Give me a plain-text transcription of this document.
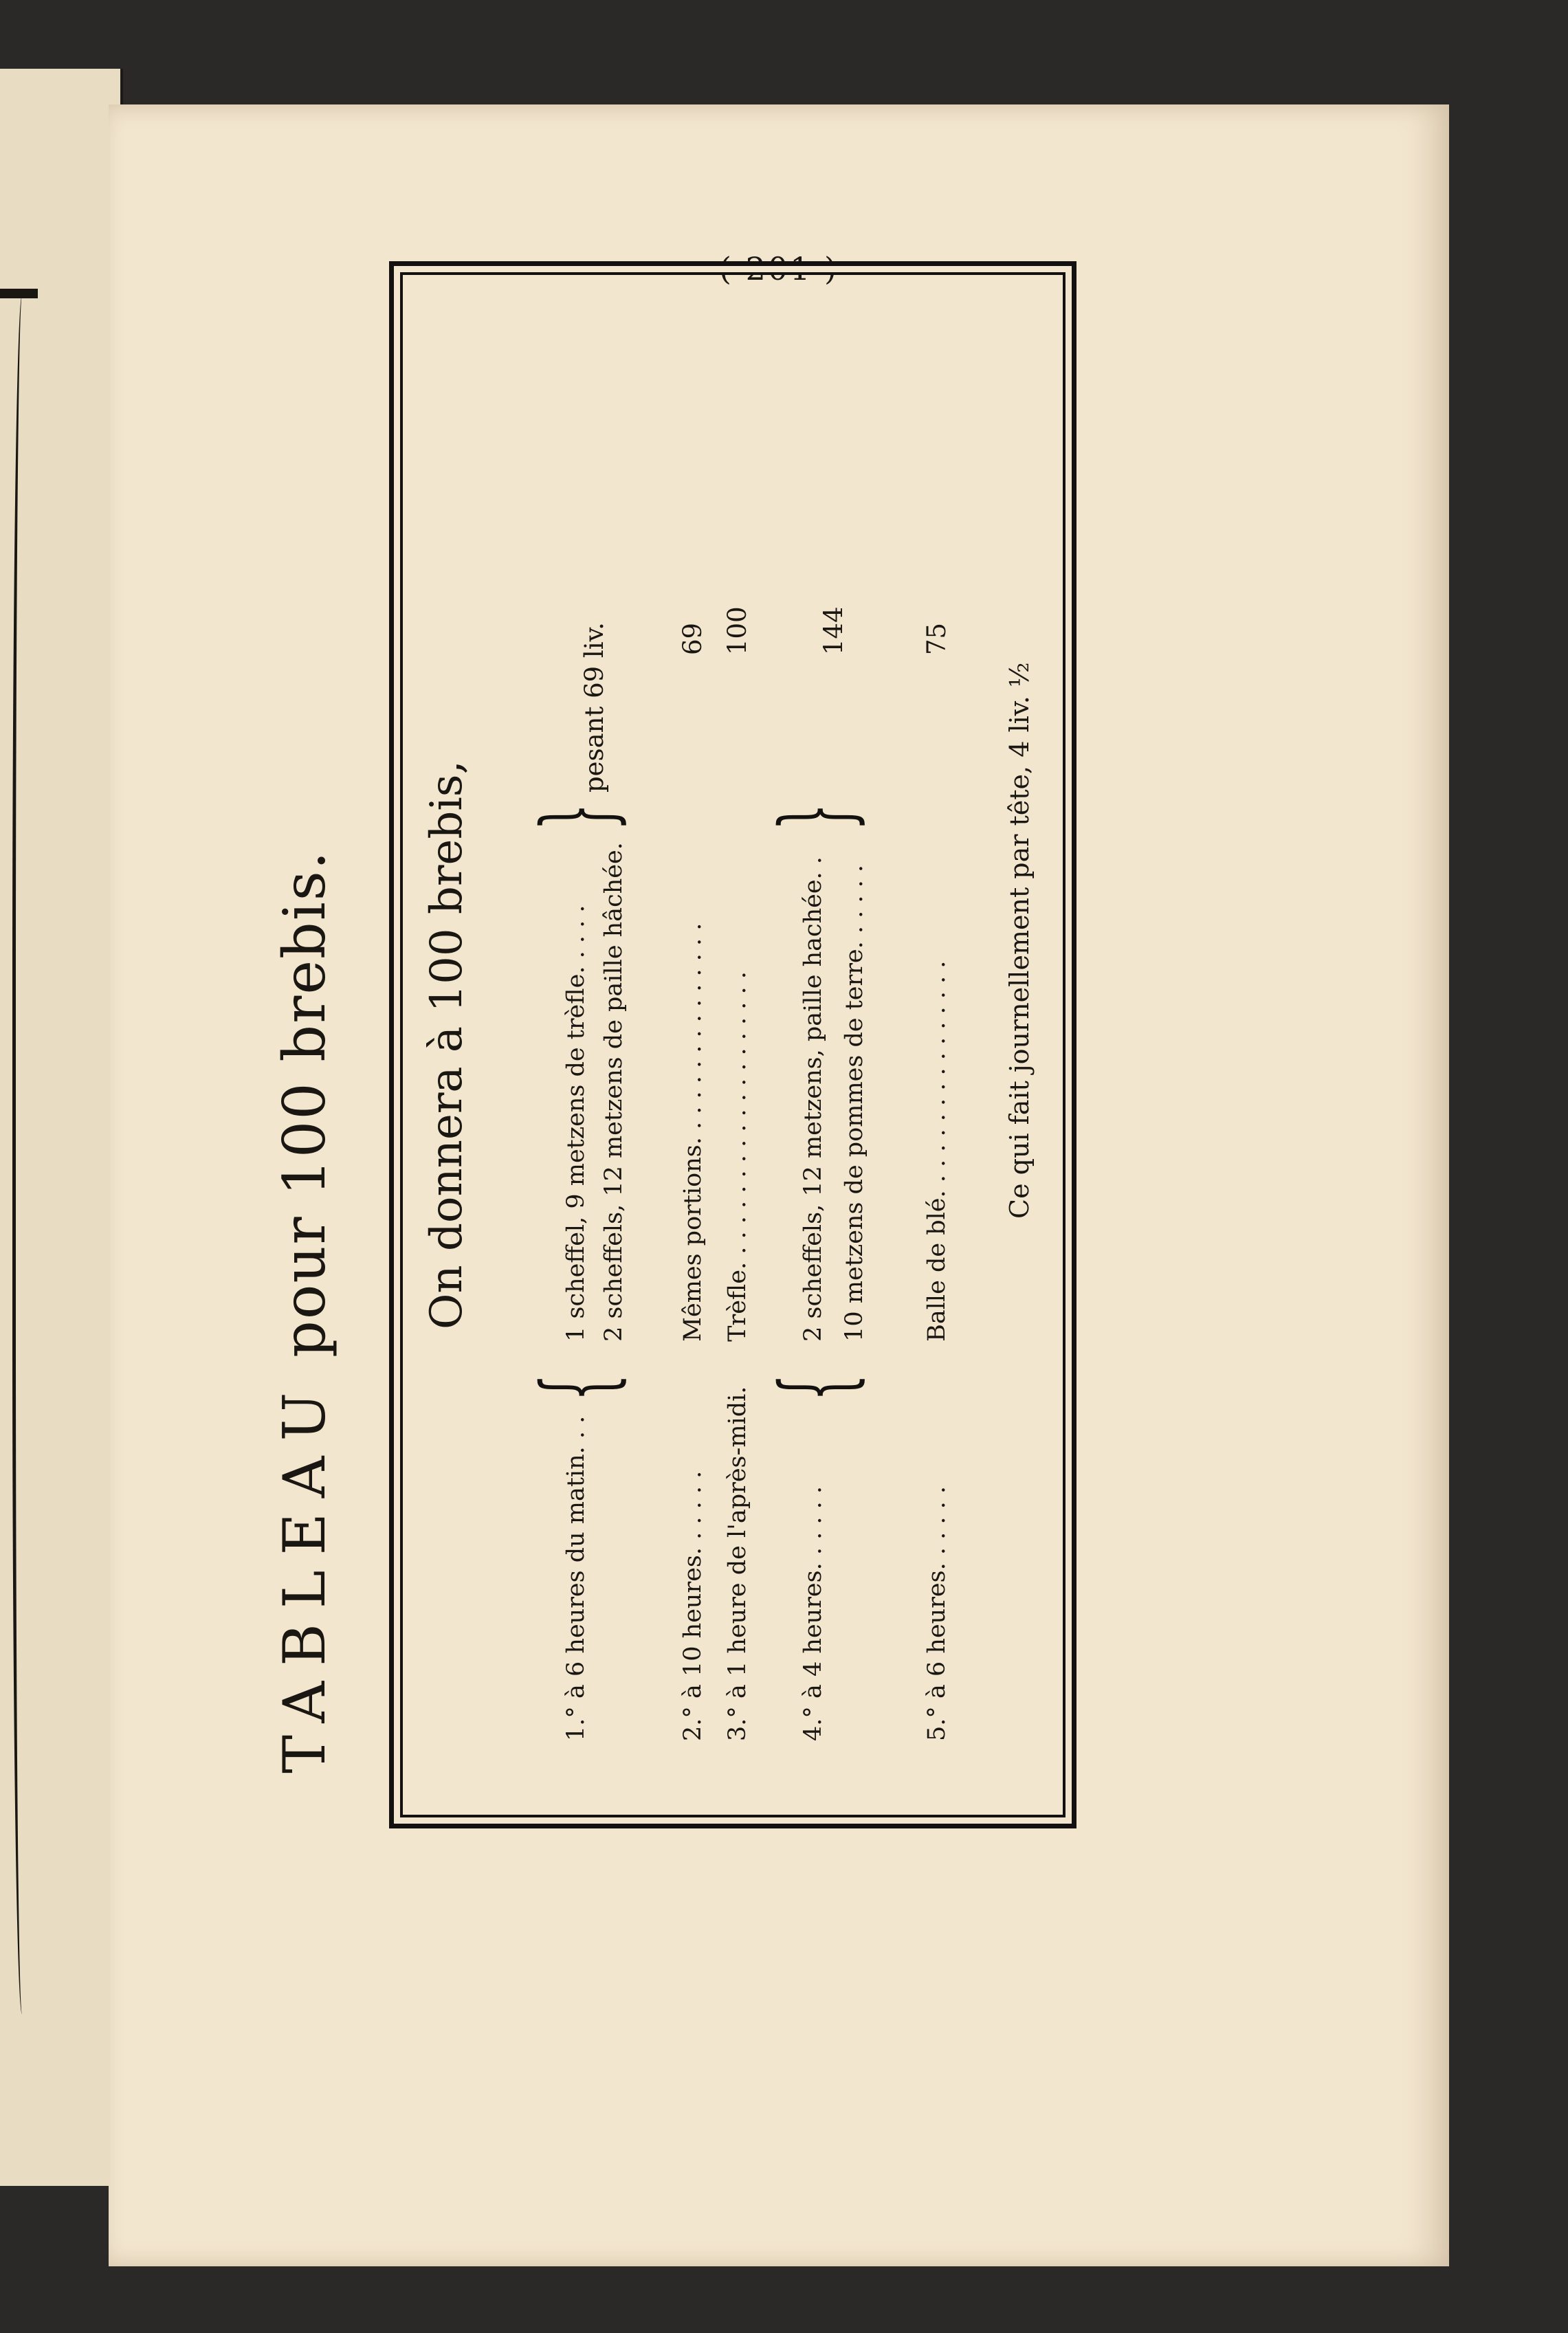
( 201 )
TABLEAU pour 100 brebis. On donnera à 100 brebis,
1.° à 6 heures du matin. . . 1 scheffel, 9 metzens de trèfle. . . . . 2 scheffels, 12 metzens de paille hâchée.
{
}
pesant 69 liv.
2.° à 10 heures. . . . . . Mêmes portions. . . . . . . . . . . . . . .
69
3.° à 1 heure de l'après-midi. Trèfle. . . . . . . . . . . . . . . . . . . .
100
4.° à 4 heures. . . . . . 2 scheffels, 12 metzens, paille hachée. . 10 metzens de pommes de terre. . . . . .
{
}
144
5.° à 6 heures. . . . . . Balle de blé. . . . . . . . . . . . . . . .
75
Ce qui fait journellement par tête, 4 liv. ½
